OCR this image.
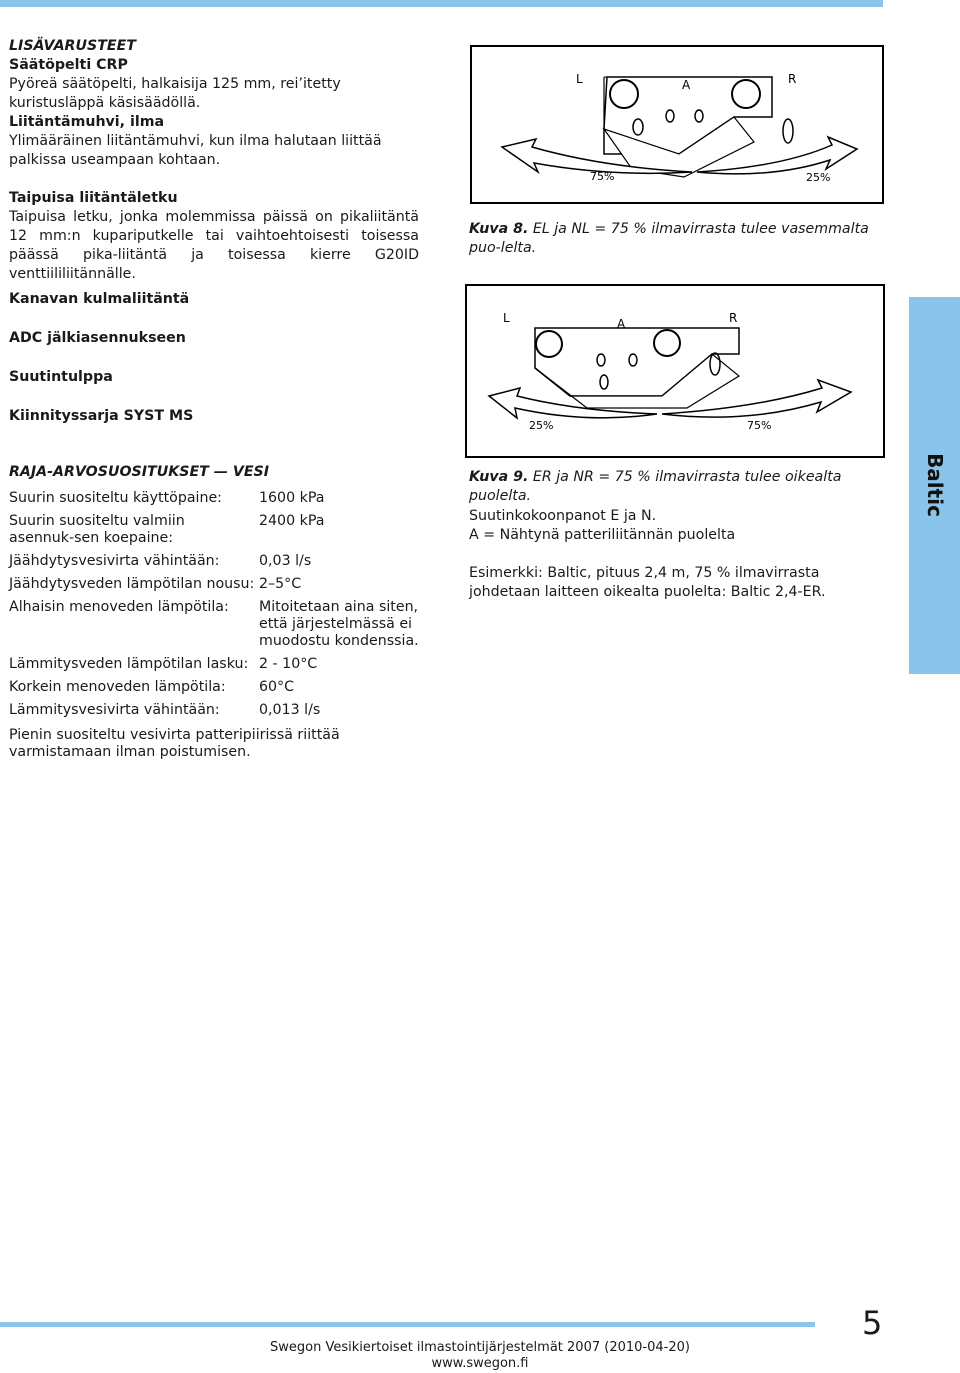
LISÄVARUSTEET

Säätöpelti CRP

Pyöreä säätöpelti, halkaisija 125 mm, rei’itetty kuristusläppä käsisäädöllä.

Liitäntämuhvi, ilma

Ylimääräinen liitäntämuhvi, kun ilma halutaan liittää palkissa useampaan kohtaan.

Taipuisa liitäntäletku

Taipuisa letku, jonka molemmissa päissä on pikaliitäntä 12 mm:n kupariputkelle tai vaihtoehtoisesti toisessa päässä pika-liitäntä ja toisessa kierre G20ID venttiililiitännälle.

Kanavan kulmaliitäntä
ADC jälkiasennukseen
Suutintulppa
Kiinnityssarja SYST MS
L	A	R
75%	25%
Kuva 8. EL ja NL = 75 % ilmavirrasta tulee vasemmalta puo-lelta.
L	A	R
25%	75%
Baltic
RAJA-ARVOSUOSITUKSET — VESI
Suurin suositeltu käyttöpaine:	1600 kPa
Suurin suositeltu valmiin asennuk-sen koepaine:	2400 kPa
Jäähdytysvesivirta vähintään:	0,03 l/s
Jäähdytysveden lämpötilan nousu:	2–5°C
Alhaisin menoveden lämpötila:	Mitoitetaan aina siten, että järjestelmässä ei muodostu kondenssia.
Lämmitysveden lämpötilan lasku:	2 - 10°C
Korkein menoveden lämpötila:	60°C
Lämmitysvesivirta vähintään:	0,013 l/s

Pienin suositeltu vesivirta patteripiirissä riittää varmistamaan ilman poistumisen.

Kuva 9. ER ja NR = 75 % ilmavirrasta tulee oikealta puolelta.

Suutinkokoonpanot E ja N.

A = Nähtynä patteriliitännän puolelta

Esimerkki: Baltic, pituus 2,4 m, 75 % ilmavirrasta johdetaan laitteen oikealta puolelta: Baltic 2,4-ER.

5
Swegon Vesikiertoiset ilmastointijärjestelmät 2007 (2010-04-20)
www.swegon.fi
